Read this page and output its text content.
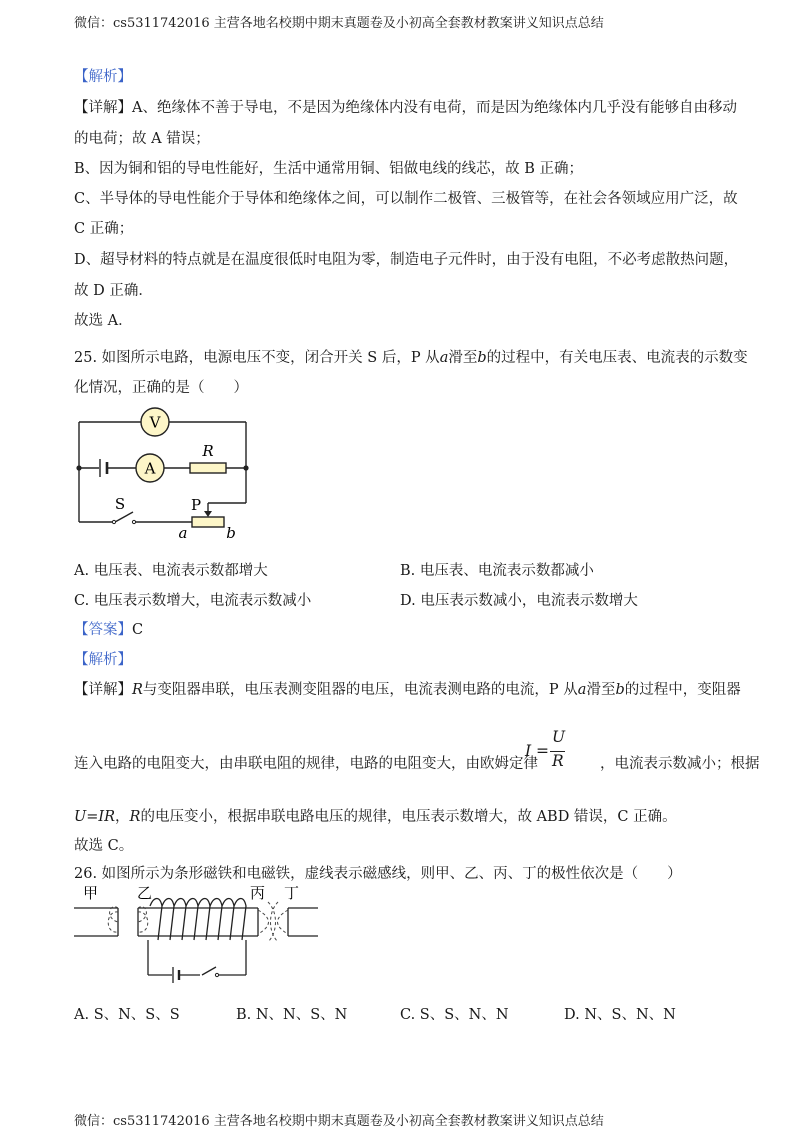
微信：cs5311742016 主营各地名校期中期末真题卷及小初高全套教材教案讲义知识点总结
【解析】
【详解】A、绝缘体不善于导电，不是因为绝缘体内没有电荷，而是因为绝缘体内几乎没有能够自由移动
的电荷；故 A 错误；
B、因为铜和铝的导电性能好，生活中通常用铜、铝做电线的线芯，故 B 正确；
C、半导体的导电性能介于导体和绝缘体之间，可以制作二极管、三极管等，在社会各领域应用广泛，故
C 正确；
D、超导材料的特点就是在温度很低时电阻为零，制造电子元件时，由于没有电阻，不必考虑散热问题，
故 D 正确．
故选 A．
25. 如图所示电路，电源电压不变，闭合开关 S 后，P 从a滑至b的过程中，有关电压表、电流表的示数变
化情况，正确的是（　　）
V
A
R
S	P
a	b
A. 电压表、电流表示数都增大	B. 电压表、电流表示数都减小
C. 电压表示数增大，电流表示数减小	D. 电压表示数减小，电流表示数增大
【答案】C
【解析】
【详解】R与变阻器串联，电压表测变阻器的电压，电流表测电路的电流，P 从a滑至b的过程中，变阻器
连入电路的电阻变大，由串联电阻的规律，电路的电阻变大，由欧姆定律	，电流表示数减小；根据
I =
U
R
U=IR，R的电压变小，根据串联电路电压的规律，电压表示数增大，故 ABD 错误，C 正确。
故选 C。
26. 如图所示为条形磁铁和电磁铁，虚线表示磁感线，则甲、乙、丙、丁的极性依次是（　　）
甲	乙	丙 丁
A. S、N、S、S	B. N、N、S、N	C. S、S、N、N	D. N、S、N、N
微信：cs5311742016 主营各地名校期中期末真题卷及小初高全套教材教案讲义知识点总结
